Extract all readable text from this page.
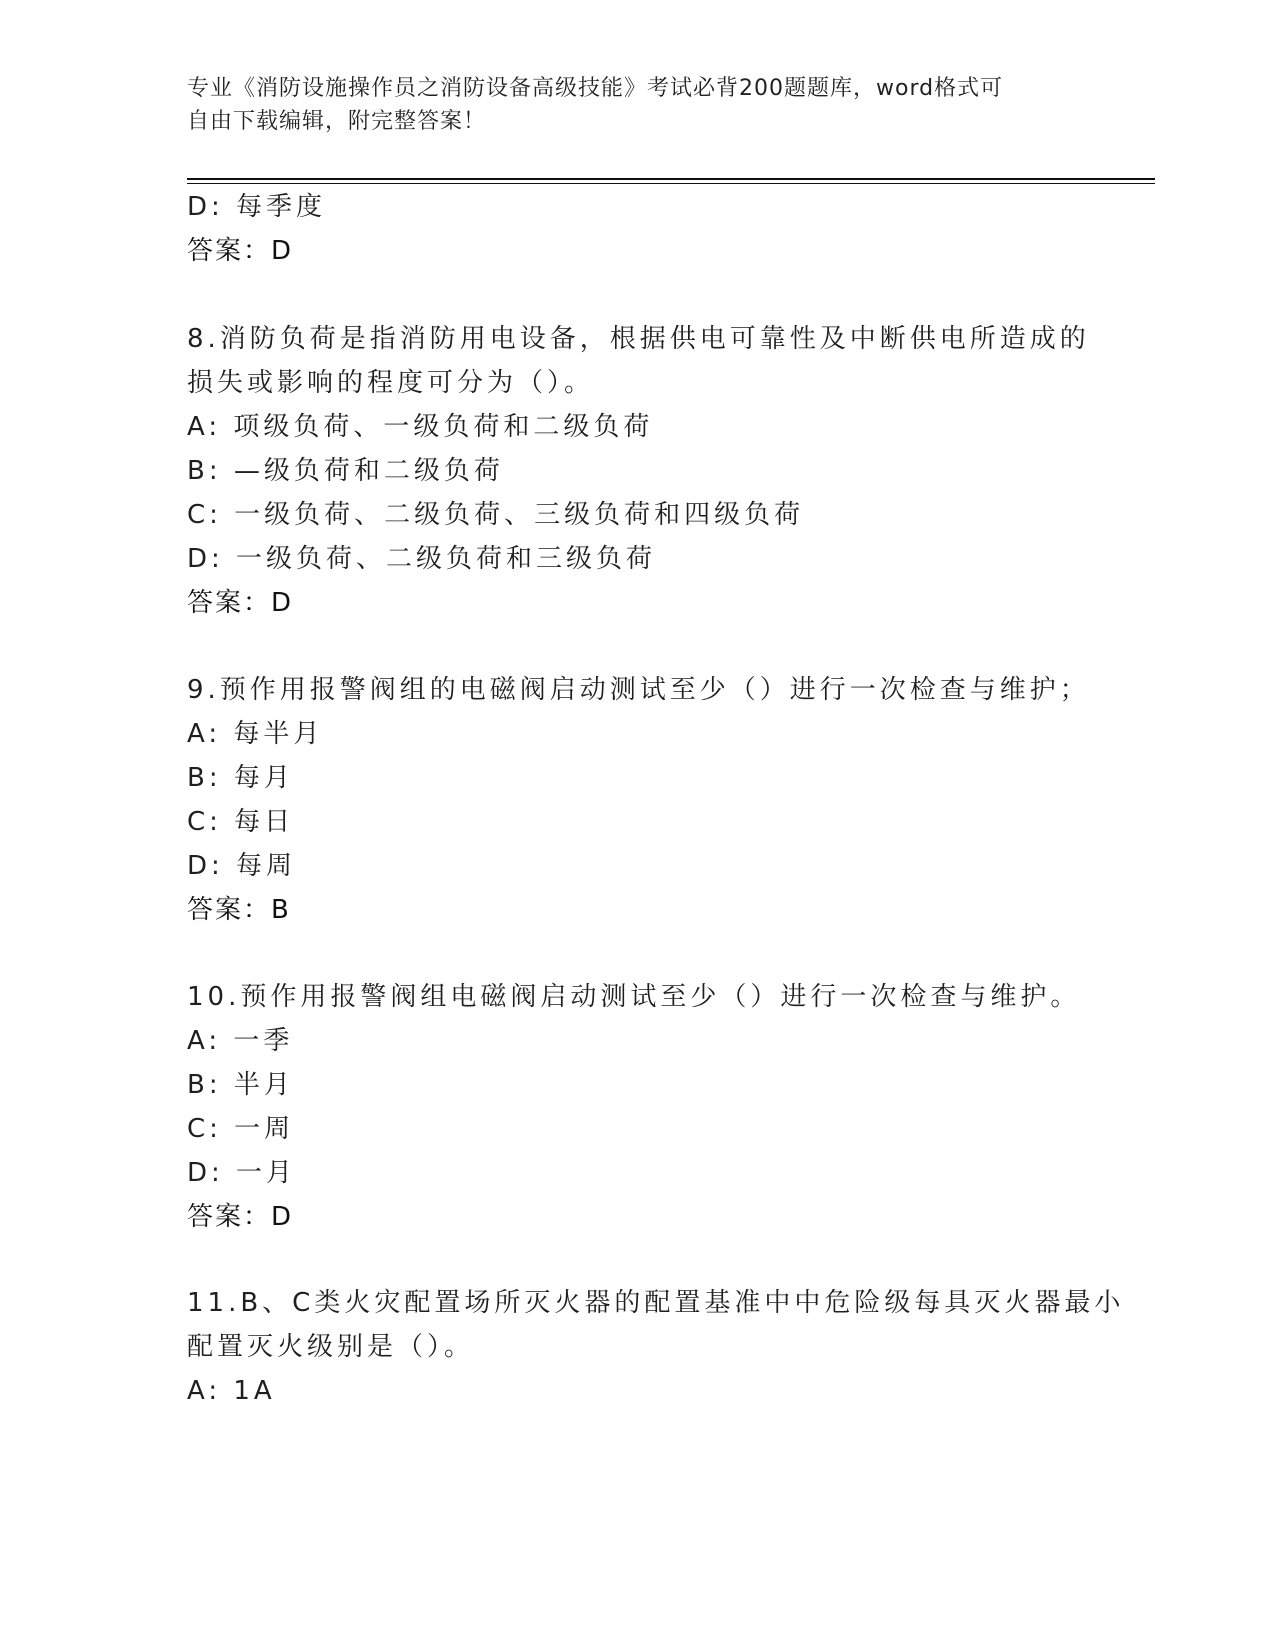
专业《消防设施操作员之消防设备高级技能》考试必背200题题库，word格式可
自由下载编辑，附完整答案！
D: 每季度
答案：D
8.消防负荷是指消防用电设备，根据供电可靠性及中断供电所造成的
损失或影响的程度可分为（）。
A: 项级负荷、一级负荷和二级负荷
B: —级负荷和二级负荷
C: 一级负荷、二级负荷、三级负荷和四级负荷
D: 一级负荷、二级负荷和三级负荷
答案：D
9.预作用报警阀组的电磁阀启动测试至少（）进行一次检查与维护；
A: 每半月
B: 每月
C: 每日
D: 每周
答案：B
10.预作用报警阀组电磁阀启动测试至少（）进行一次检查与维护。
A: 一季
B: 半月
C: 一周
D: 一月
答案：D
11.B、C类火灾配置场所灭火器的配置基准中中危险级每具灭火器最小
配置灭火级别是（）。
A: 1A
